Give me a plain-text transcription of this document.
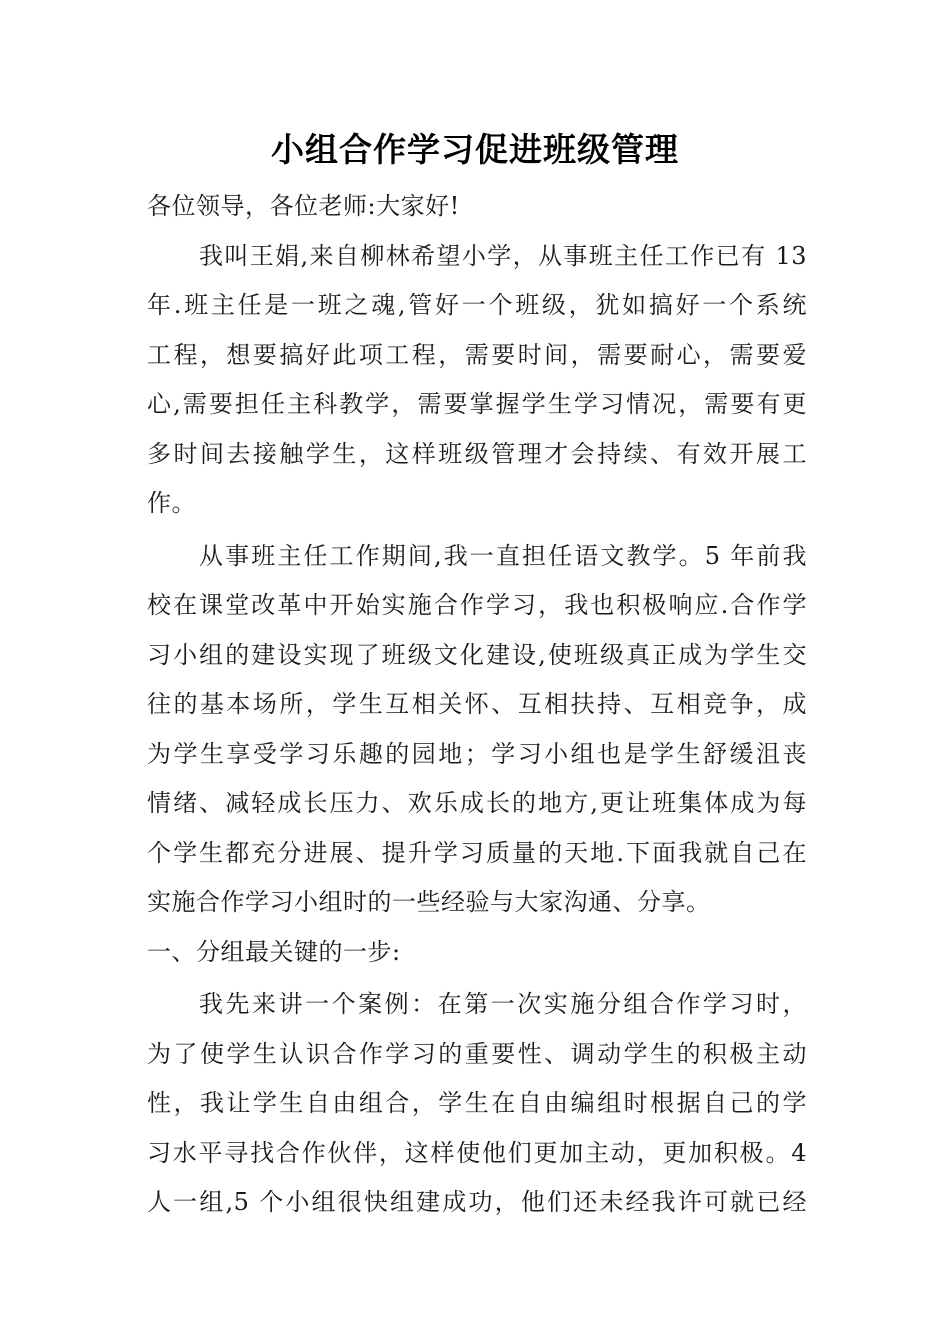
小组合作学习促进班级管理
各位领导，各位老师:大家好!
我叫王娟,来自柳林希望小学，从事班主任工作已有 13
年.班主任是一班之魂,管好一个班级，犹如搞好一个系统
工程，想要搞好此项工程，需要时间，需要耐心，需要爱
心,需要担任主科教学，需要掌握学生学习情况，需要有更
多时间去接触学生，这样班级管理才会持续、有效开展工
作。
从事班主任工作期间,我一直担任语文教学。5 年前我
校在课堂改革中开始实施合作学习，我也积极响应.合作学
习小组的建设实现了班级文化建设,使班级真正成为学生交
往的基本场所，学生互相关怀、互相扶持、互相竞争，成
为学生享受学习乐趣的园地；学习小组也是学生舒缓沮丧
情绪、减轻成长压力、欢乐成长的地方,更让班集体成为每
个学生都充分进展、提升学习质量的天地.下面我就自己在
实施合作学习小组时的一些经验与大家沟通、分享。
一、分组最关键的一步:
我先来讲一个案例：在第一次实施分组合作学习时，
为了使学生认识合作学习的重要性、调动学生的积极主动
性，我让学生自由组合，学生在自由编组时根据自己的学
习水平寻找合作伙伴，这样使他们更加主动，更加积极。4
人一组,5 个小组很快组建成功，他们还未经我许可就已经
